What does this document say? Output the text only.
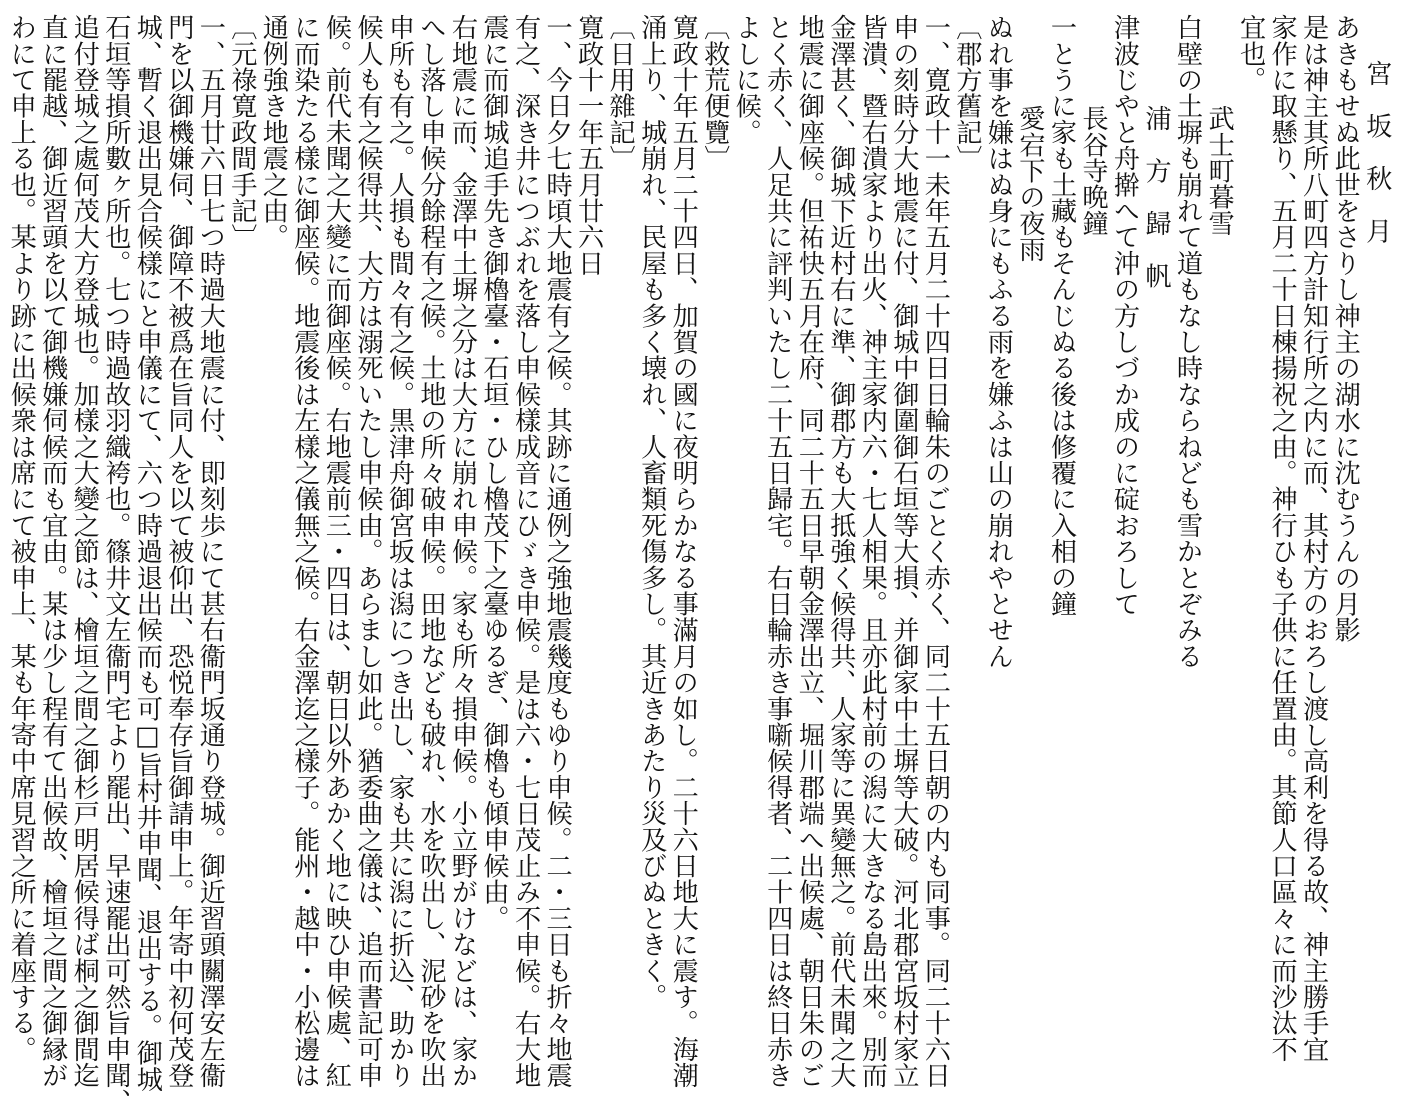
宮　坂　秋　月
あきもせぬ此世をさりし神主の湖水に沈むうんの月影
是は神主其所八町四方計知行所之内に而、其村方のおろし渡し高利を得る故、神主勝手宜
家作に取懸り、五月二十日棟揚祝之由。神行ひも子供に任置由。其節人口區々に而沙汰不
宜也。
武士町暮雪
白壁の土塀も崩れて道もなし時ならねども雪かとぞみる
浦　方　歸　帆
津波じやと舟擀へて沖の方しづか成のに碇おろして
長谷寺晩鐘
一とうに家も土藏もそんじぬる後は修覆に入相の鐘
愛宕下の夜雨
ぬれ事を嫌はぬ身にもふる雨を嫌ふは山の崩れやとせん
〔郡方舊記〕
一、寛政十一未年五月二十四日日輪朱のごとく赤く、同二十五日朝の内も同事。同二十六日
申の刻時分大地震に付、御城中御圍御石垣等大損、并御家中土塀等大破。河北郡宮坂村家立
皆潰、暨右潰家より出火、神主家内六・七人相果。且亦此村前の潟に大きなる島出來。別而
金澤甚く、御城下近村右に準、御郡方も大抵強く候得共、人家等に異變無之。前代未聞之大
地震に御座候。但祐快五月在府、同二十五日早朝金澤出立、堀川郡端へ出候處、朝日朱のご
とく赤く、人足共に評判いたし二十五日歸宅。右日輪赤き事噺候得者、二十四日は終日赤き
よしに候。
〔救荒便覽〕
寛政十年五月二十四日、加賀の國に夜明らかなる事滿月の如し。二十六日地大に震す。海潮
涌上り、城崩れ、民屋も多く壊れ、人畜類死傷多し。其近きあたり災及びぬときく。
〔日用雜記〕
寛政十一年五月廿六日
一、今日夕七時頃大地震有之候。其跡に通例之強地震幾度もゆり申候。二・三日も折々地震
有之、深き井につぶれを落し申候樣成音にひゞき申候。是は六・七日茂止み不申候。右大地
震に而御城追手先き御櫓臺・石垣・ひし櫓茂下之臺ゆるぎ、御櫓も傾申候由。
右地震に而、金澤中土塀之分は大方に崩れ申候。家も所々損申候。小立野がけなどは、家か
へし落し申候分餘程有之候。土地の所々破申候。田地なども破れ、水を吹出し、泥砂を吹出
申所も有之。人損も間々有之候。黒津舟御宮坂は潟につき出し、家も共に潟に折込、助かり
候人も有之候得共、大方は溺死いたし申候由。あらまし如此。猶委曲之儀は、追而書記可申
候。前代未聞之大變に而御座候。右地震前三・四日は、朝日以外あかく地に映ひ申候處、紅
に而染たる樣に御座候。地震後は左樣之儀無之候。右金澤迄之樣子。能州・越中・小松邊は
通例強き地震之由。
〔元祿寛政間手記〕
門を以御機嫌伺、御障不被爲在旨同人を以て被仰出、恐悦奉存旨御請申上。年寄中初何茂登
城、暫く退出見合候樣にと申儀にて、六つ時過退出候而も可□旨村井申聞、退出する。御城
石垣等損所數ヶ所也。七つ時過故羽織袴也。篠井文左衞門宅より罷出、早速罷出可然旨申聞、
追付登城之處何茂大方登城也。加樣之大變之節は、檜垣之間之御杉戸明居候得ば桐之御間迄
直に罷越、御近習頭を以て御機嫌伺候而も宜由。某は少し程有て出候故、檜垣之間之御縁が
わにて申上る也。某より跡に出候衆は席にて被申上、某も年寄中席見習之所に着座する。	一、五月廿六日七つ時過大地震に付、即刻歩にて甚右衞門坂通り登城。御近習頭關澤安左衞
